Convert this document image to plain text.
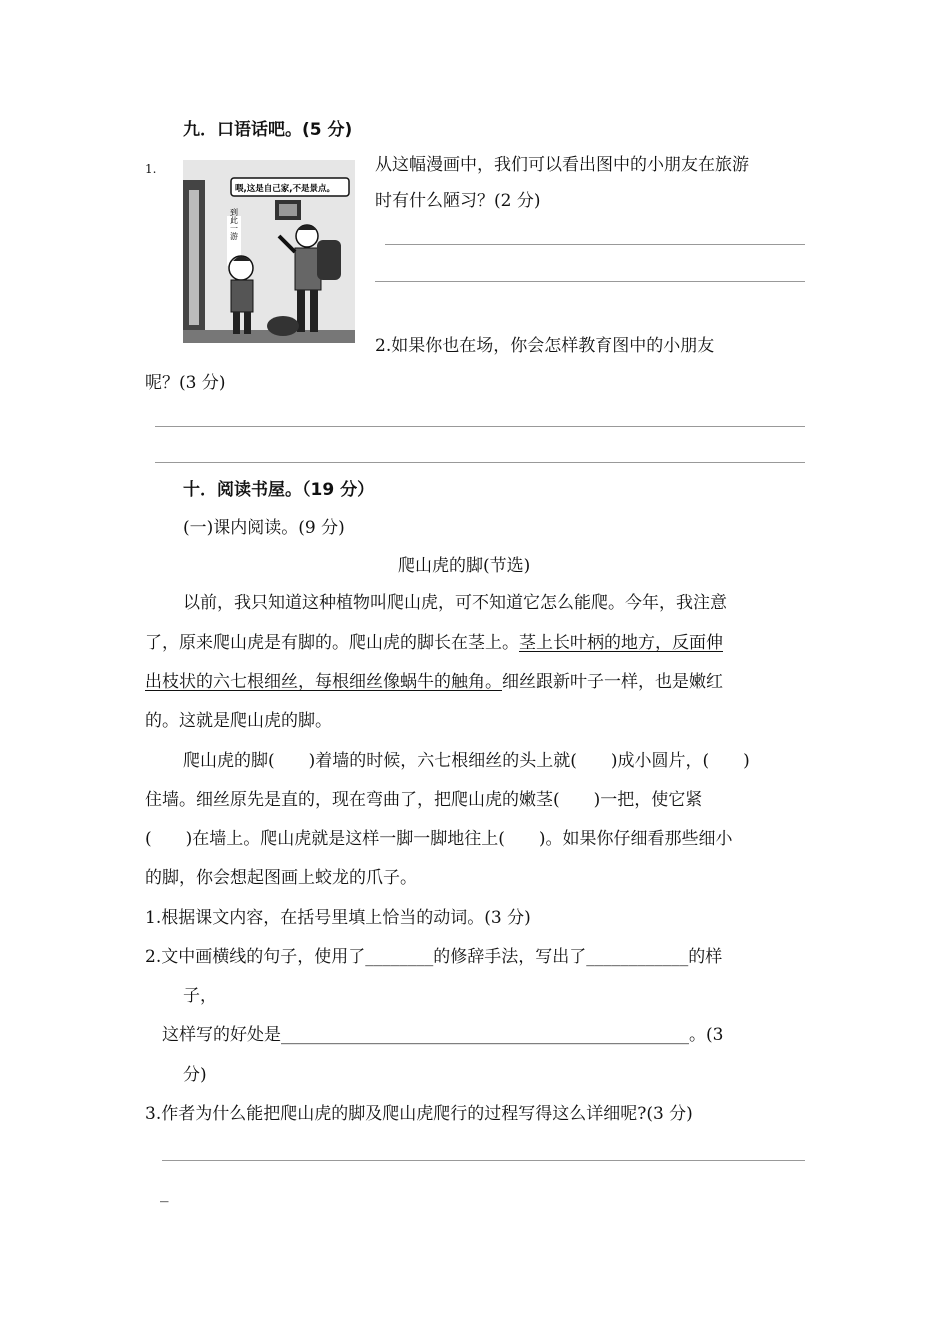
九．口语话吧。(5 分)
1.
喂,这是自己家,不是景点。
到此一游
从这幅漫画中，我们可以看出图中的小朋友在旅游
时有什么陋习？(2 分)
2.如果你也在场，你会怎样教育图中的小朋友
呢？(3 分)
十．阅读书屋。（19 分）
(一)课内阅读。(9 分)
爬山虎的脚(节选)
以前，我只知道这种植物叫爬山虎，可不知道它怎么能爬。今年，我注意
了，原来爬山虎是有脚的。爬山虎的脚长在茎上。茎上长叶柄的地方，反面伸
出枝状的六七根细丝，每根细丝像蜗牛的触角。细丝跟新叶子一样，也是嫩红
的。这就是爬山虎的脚。
爬山虎的脚(　　)着墙的时候，六七根细丝的头上就(　　)成小圆片，(　　)
住墙。细丝原先是直的，现在弯曲了，把爬山虎的嫩茎(　　)一把，使它紧
(　　)在墙上。爬山虎就是这样一脚一脚地往上(　　)。如果你仔细看那些细小
的脚，你会想起图画上蛟龙的爪子。
1.根据课文内容，在括号里填上恰当的动词。(3 分)
2.文中画横线的句子，使用了________的修辞手法，写出了____________的样
子，
这样写的好处是________________________________________________。(3
分)
3.作者为什么能把爬山虎的脚及爬山虎爬行的过程写得这么详细呢?(3 分)
_
